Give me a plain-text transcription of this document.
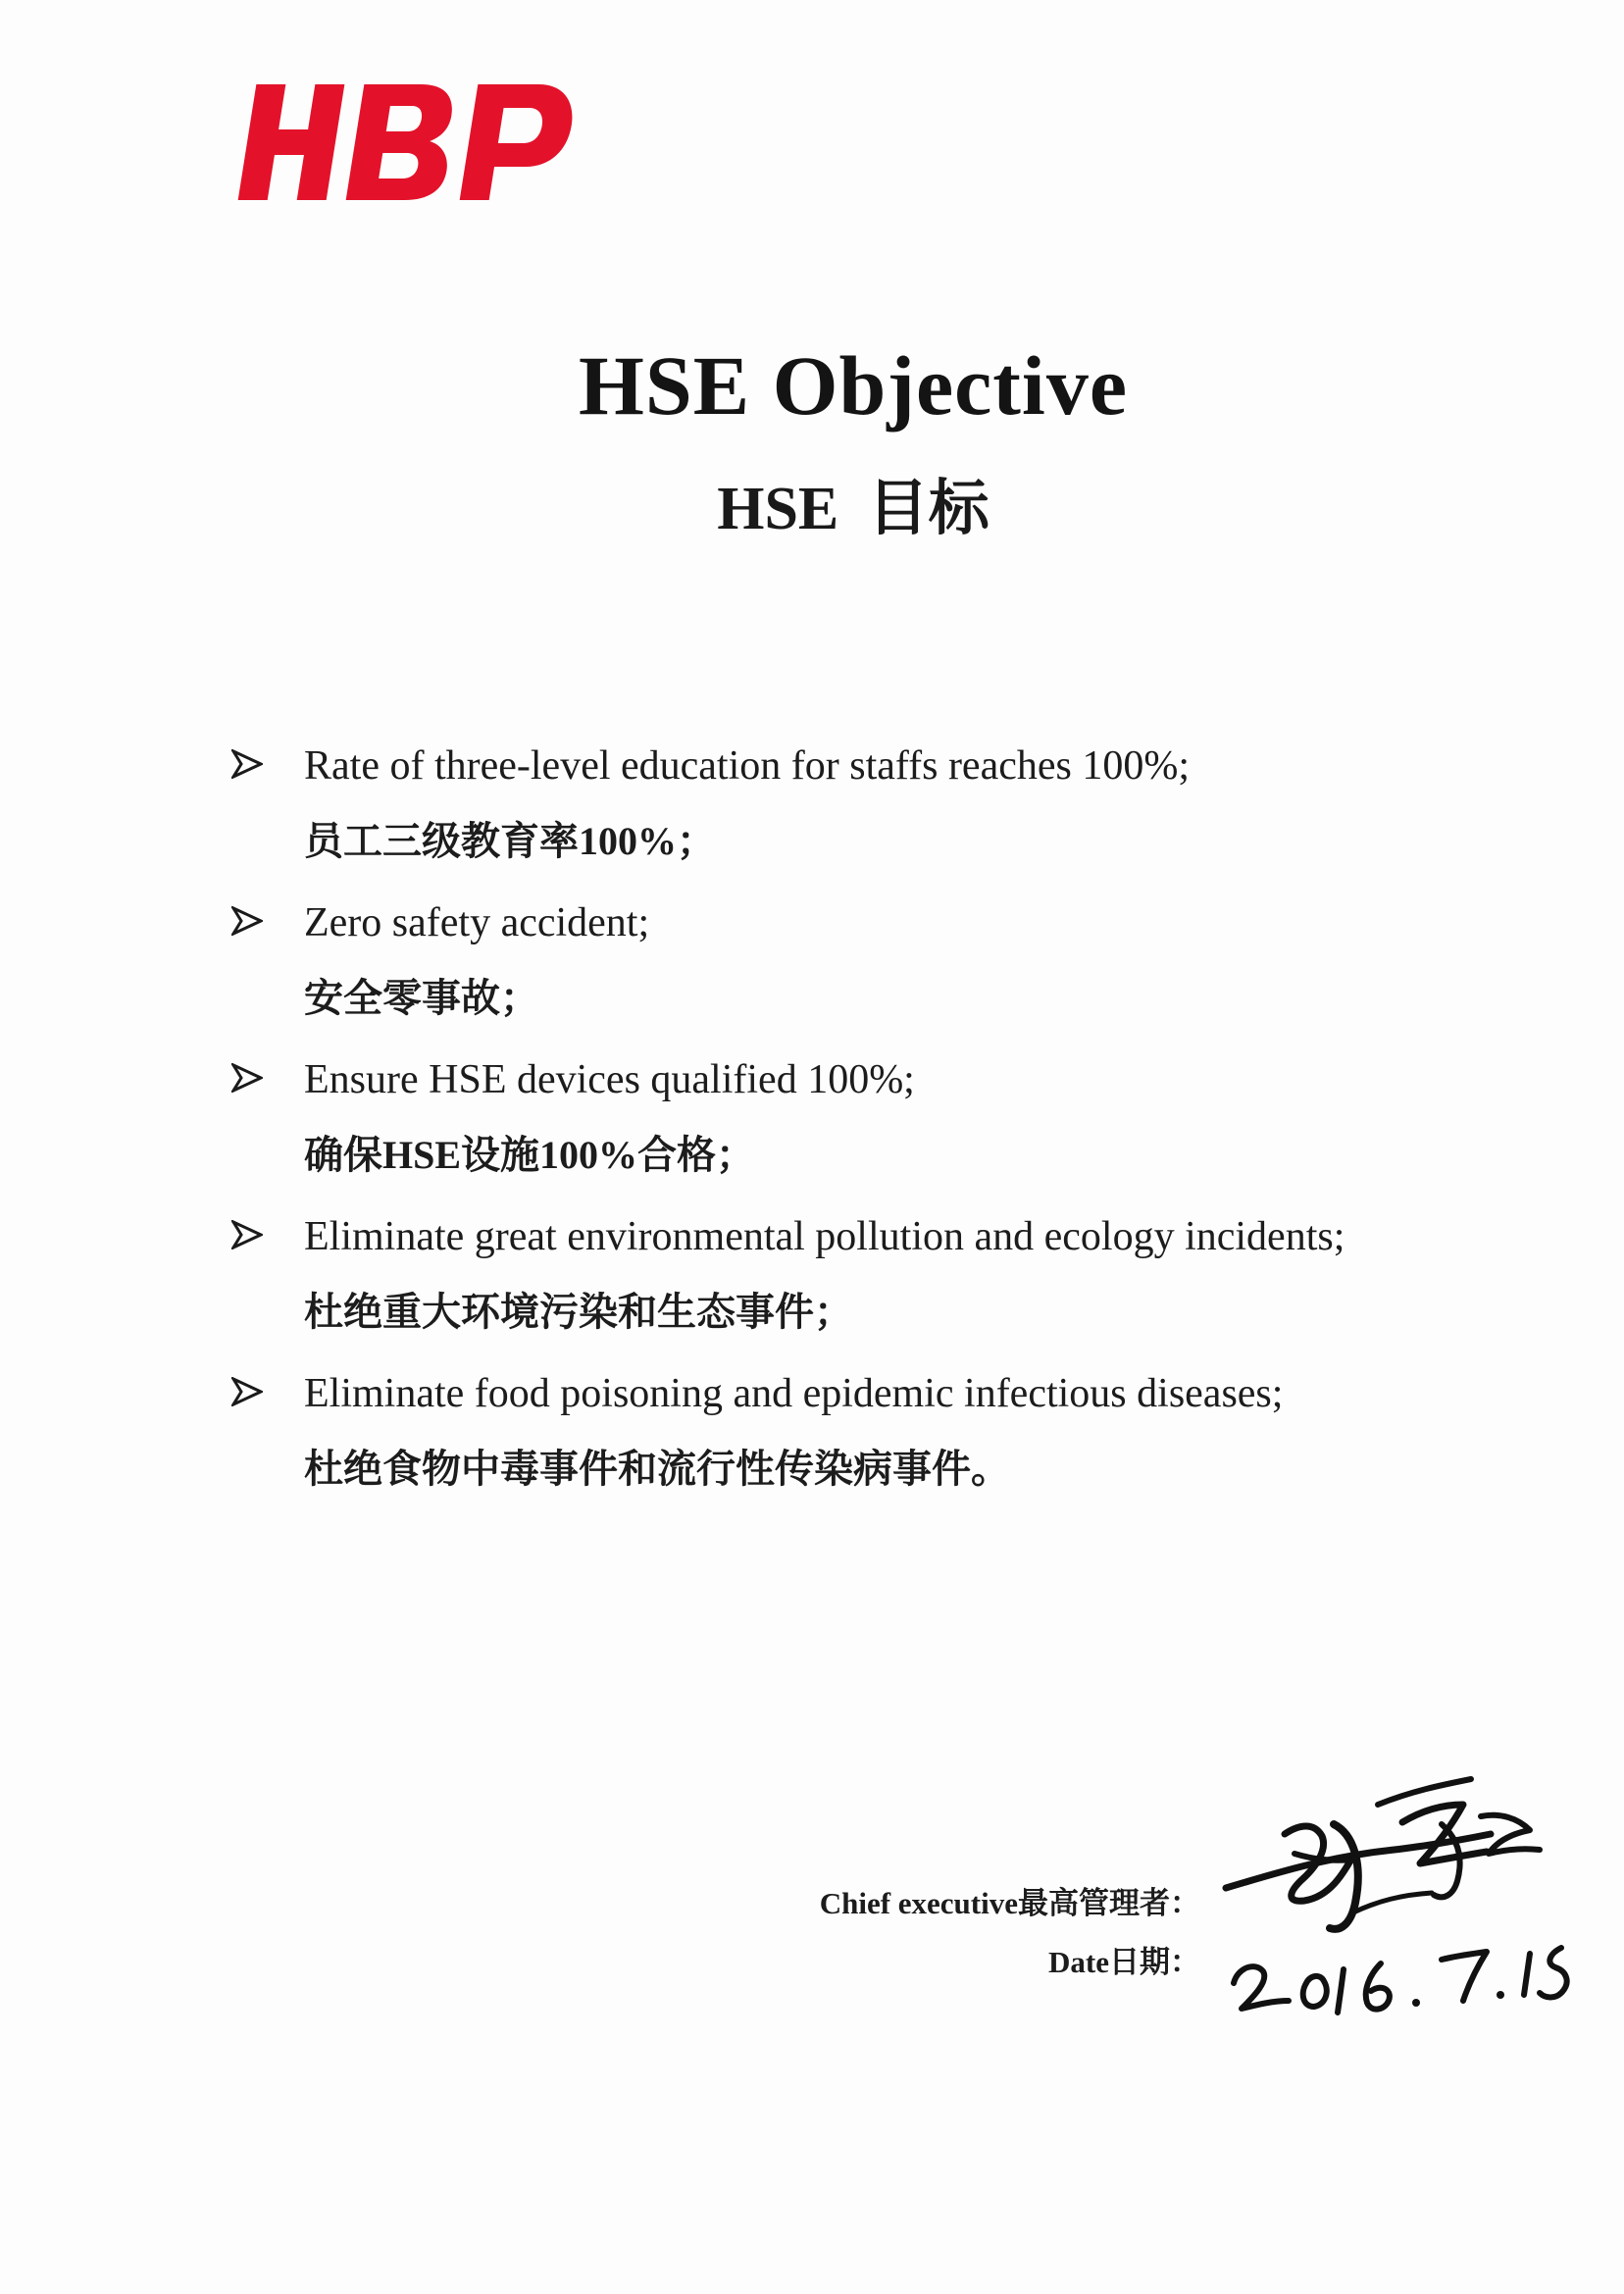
HSE Objective
HSE 目标
Rate of three-level education for staffs reaches 100%;
员工三级教育率100%；
Zero safety accident;
安全零事故；
Ensure HSE devices qualified 100%;
确保HSE设施100%合格；
Eliminate great environmental pollution and ecology incidents;
杜绝重大环境污染和生态事件；
Eliminate food poisoning and epidemic infectious diseases;
杜绝食物中毒事件和流行性传染病事件。
Chief executive最高管理者：
Date日期：
